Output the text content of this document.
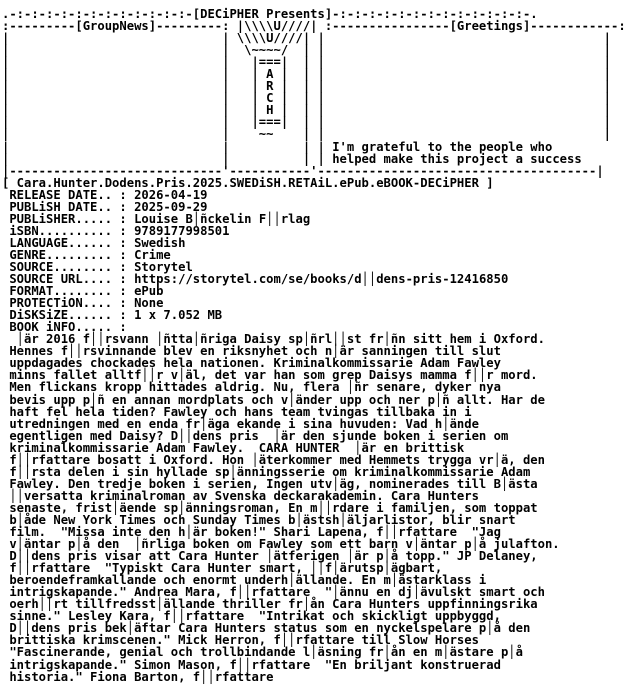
.-:-:-:-:-:-:-:-:-:-:-:-:-[DECiPHER Presents]-:-:-:-:-:-:-:-:-:-:-:-:-:-.
:---------[GroupNews]---------: |\\\\U////| :----------------[Greetings]------------:
|                             | \\\\U////| |                                      |
|                             |  \~~~~/  | |                                      |
|                             |   |===|  | |                                      |
|                             |   | A |  | |                                      |
|                             |   | R |  | |                                      |
|                             |   | C |  | |                                      |
|                             |   | H |  | |                                      |
|                             |   |===|  | |                                      |
|                             |    ~~    | |                                      |
|                             |          | | I'm grateful to the people who
|                             |          | | helped make this project a success
|-----------------------------'-----------'--------------------------------------|
[ Cara.Hunter.Dodens.Pris.2025.SWEDiSH.RETAiL.ePub.eBOOK-DECiPHER ]
RELEASE DATE.. : 2026-04-19
PUBLiSH DATE.. : 2025-09-29
PUBLiSHER..... : Louise B│ñckelin F││rlag
iSBN.......... : 9789177998501
LANGUAGE...... : Swedish
GENRE......... : Crime
SOURCE........ : Storytel
SOURCE URL.... : https://storytel.com/se/books/d││dens-pris-12416850
FORMAT........ : ePub
PROTECTiON.... : None
DiSKSiZE...... : 1 x 7.052 MB
BOOK iNFO..... :
│är 2016 f││rsvann │ñtta│ñriga Daisy sp│ñrl││st fr│ñn sitt hem i Oxford.
Hennes f││rsvinnande blev en riksnyhet och n│är sanningen till slut
uppdagades chockades hela nationen. Kriminalkommissarie Adam Fawley
minns fallet alltf││r v│äl, det var han som grep Daisys mamma f││r mord.
Men flickans kropp hittades aldrig. Nu, flera │ñr senare, dyker nya
bevis upp p│ñ en annan mordplats och v│änder upp och ner p│ñ allt. Har de
haft fel hela tiden? Fawley och hans team tvingas tillbaka in i
utredningen med en enda fr│äga ekande i sina huvuden: Vad h│ände
egentligen med Daisy? D││dens pris  │är den sjunde boken i serien om
kriminalkommissarie Adam Fawley.  CARA HUNTER  │är en brittisk
f││rfattare bosatt i Oxford. Hon │äterkommer med Hemmets trygga vr│ä, den
f││rsta delen i sin hyllade sp│änningsserie om kriminalkommissarie Adam
Fawley. Den tredje boken i serien, Ingen utv│äg, nominerades till B│ästa
││versatta kriminalroman av Svenska deckarakademin. Cara Hunters
senaste, frist│äende sp│änningsroman, En m││rdare i familjen, som toppat
b│åde New York Times och Sunday Times b│ästsh│äljarlistor, blir snart
film.  "Missa inte den h│är boken!" Shari Lapena, f││rfattare  "Jag
v│äntar p│å den  │ñrliga boken om Fawley som ett barn v│äntar p│å julafton.
D││dens pris visar att Cara Hunter │ätferigen │är p│å topp." JP Delaney,
f││rfattare  "Typiskt Cara Hunter smart, ││f│ärutsp│ägbart,
beroendeframkallande och enormt underh│ällande. En m│ästarklass i
intrigskapande." Andrea Mara, f││rfattare  "│ännu en dj│ävulskt smart och
oerh││rt tillfredsst│ällande thriller fr│ån Cara Hunters uppfinningsrika
sinne." Lesley Kara, f││rfattare  "Intrikat och skickligt uppbyggd,
D││dens pris bek│äftar Cara Hunters status som en nyckelspelare p│å den
brittiska krimscenen." Mick Herron, f││rfattare till Slow Horses
"Fascinerande, genial och trollbindande l│äsning fr│ån en m│ästare p│å
intrigskapande." Simon Mason, f││rfattare  "En briljant konstruerad
historia." Fiona Barton, f││rfattare
